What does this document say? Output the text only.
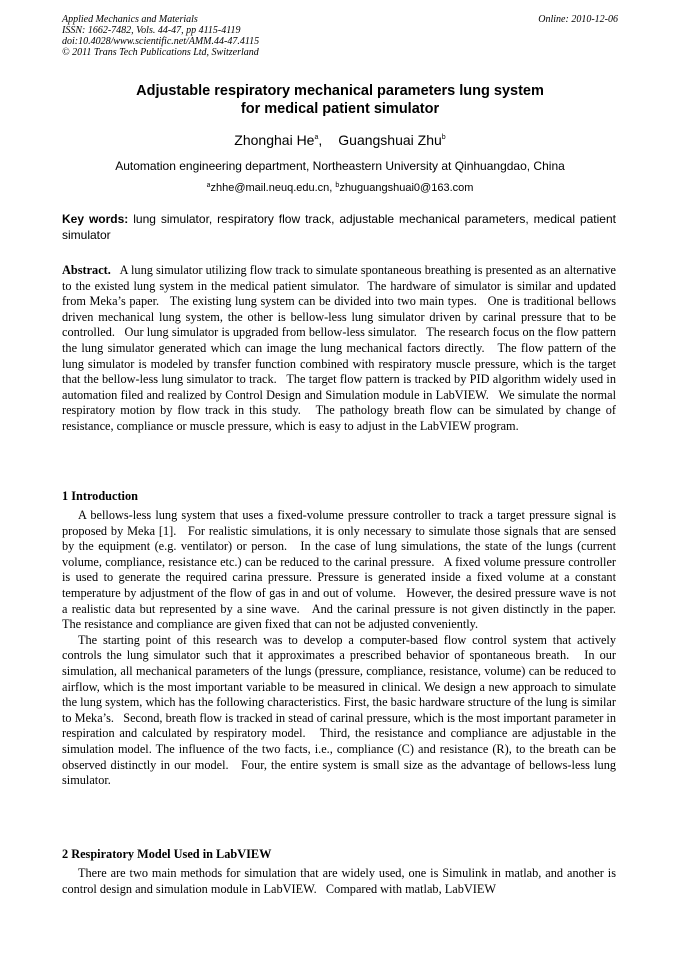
Applied Mechanics and Materials
ISSN: 1662-7482, Vols. 44-47, pp 4115-4119
doi:10.4028/www.scientific.net/AMM.44-47.4115
© 2011 Trans Tech Publications Ltd, Switzerland
Online: 2010-12-06
Adjustable respiratory mechanical parameters lung system
for medical patient simulator
Zhonghai He$^a$, Guangshuai Zhu$^b$
Automation engineering department, Northeastern University at Qinhuangdao, China
$^a$zhhe@mail.neuq.edu.cn, $^b$zhuguangshuai0@163.com
Key words: lung simulator, respiratory flow track, adjustable mechanical parameters, medical patient simulator
Abstract.   A lung simulator utilizing flow track to simulate spontaneous breathing is presented as an alternative to the existed lung system in the medical patient simulator.  The hardware of simulator is similar and updated from Meka’s paper.   The existing lung system can be divided into two main types.   One is traditional bellows driven mechanical lung system, the other is bellow-less lung simulator driven by carinal pressure that to be controlled.   Our lung simulator is upgraded from bellow-less simulator.   The research focus on the flow pattern the lung simulator generated which can image the lung mechanical factors directly.   The flow pattern of the lung simulator is modeled by transfer function combined with respiratory muscle pressure, which is the target that the bellow-less lung simulator to track.   The target flow pattern is tracked by PID algorithm widely used in automation filed and realized by Control Design and Simulation module in LabVIEW.   We simulate the normal respiratory motion by flow track in this study.   The pathology breath flow can be simulated by change of resistance, compliance or muscle pressure, which is easy to adjust in the LabVIEW program.
1 Introduction

A bellows-less lung system that uses a fixed-volume pressure controller to track a target pressure signal is proposed by Meka [1].   For realistic simulations, it is only necessary to simulate those signals that are sensed by the equipment (e.g. ventilator) or person.   In the case of lung simulations, the state of the lungs (current volume, compliance, resistance etc.) can be reduced to the carinal pressure.   A fixed volume pressure controller is used to generate the required carina pressure. Pressure is generated inside a fixed volume at a constant temperature by adjustment of the flow of gas in and out of volume.   However, the desired pressure wave is not a realistic data but represented by a sine wave.   And the carinal pressure is not given distinctly in the paper.   The resistance and compliance are given fixed that can not be adjusted conveniently.

The starting point of this research was to develop a computer-based flow control system that actively controls the lung simulator such that it approximates a prescribed behavior of spontaneous breath.   In our simulation, all mechanical parameters of the lungs (pressure, compliance, resistance, volume) can be reduced to airflow, which is the most important variable to be measured in clinical. We design a new approach to simulate the lung system, which has the following characteristics. First, the basic hardware structure of the lung is similar to Meka’s.   Second, breath flow is tracked in stead of carinal pressure, which is the most important parameter in respiration and calculated by respiratory model.   Third, the resistance and compliance are adjustable in the simulation model. The influence of the two facts, i.e., compliance (C) and resistance (R), to the breath can be observed distinctly in our model.   Four, the entire system is small size as the advantage of bellows-less lung simulator.

2 Respiratory Model Used in LabVIEW

There are two main methods for simulation that are widely used, one is Simulink in matlab, and another is control design and simulation module in LabVIEW.   Compared with matlab, LabVIEW
